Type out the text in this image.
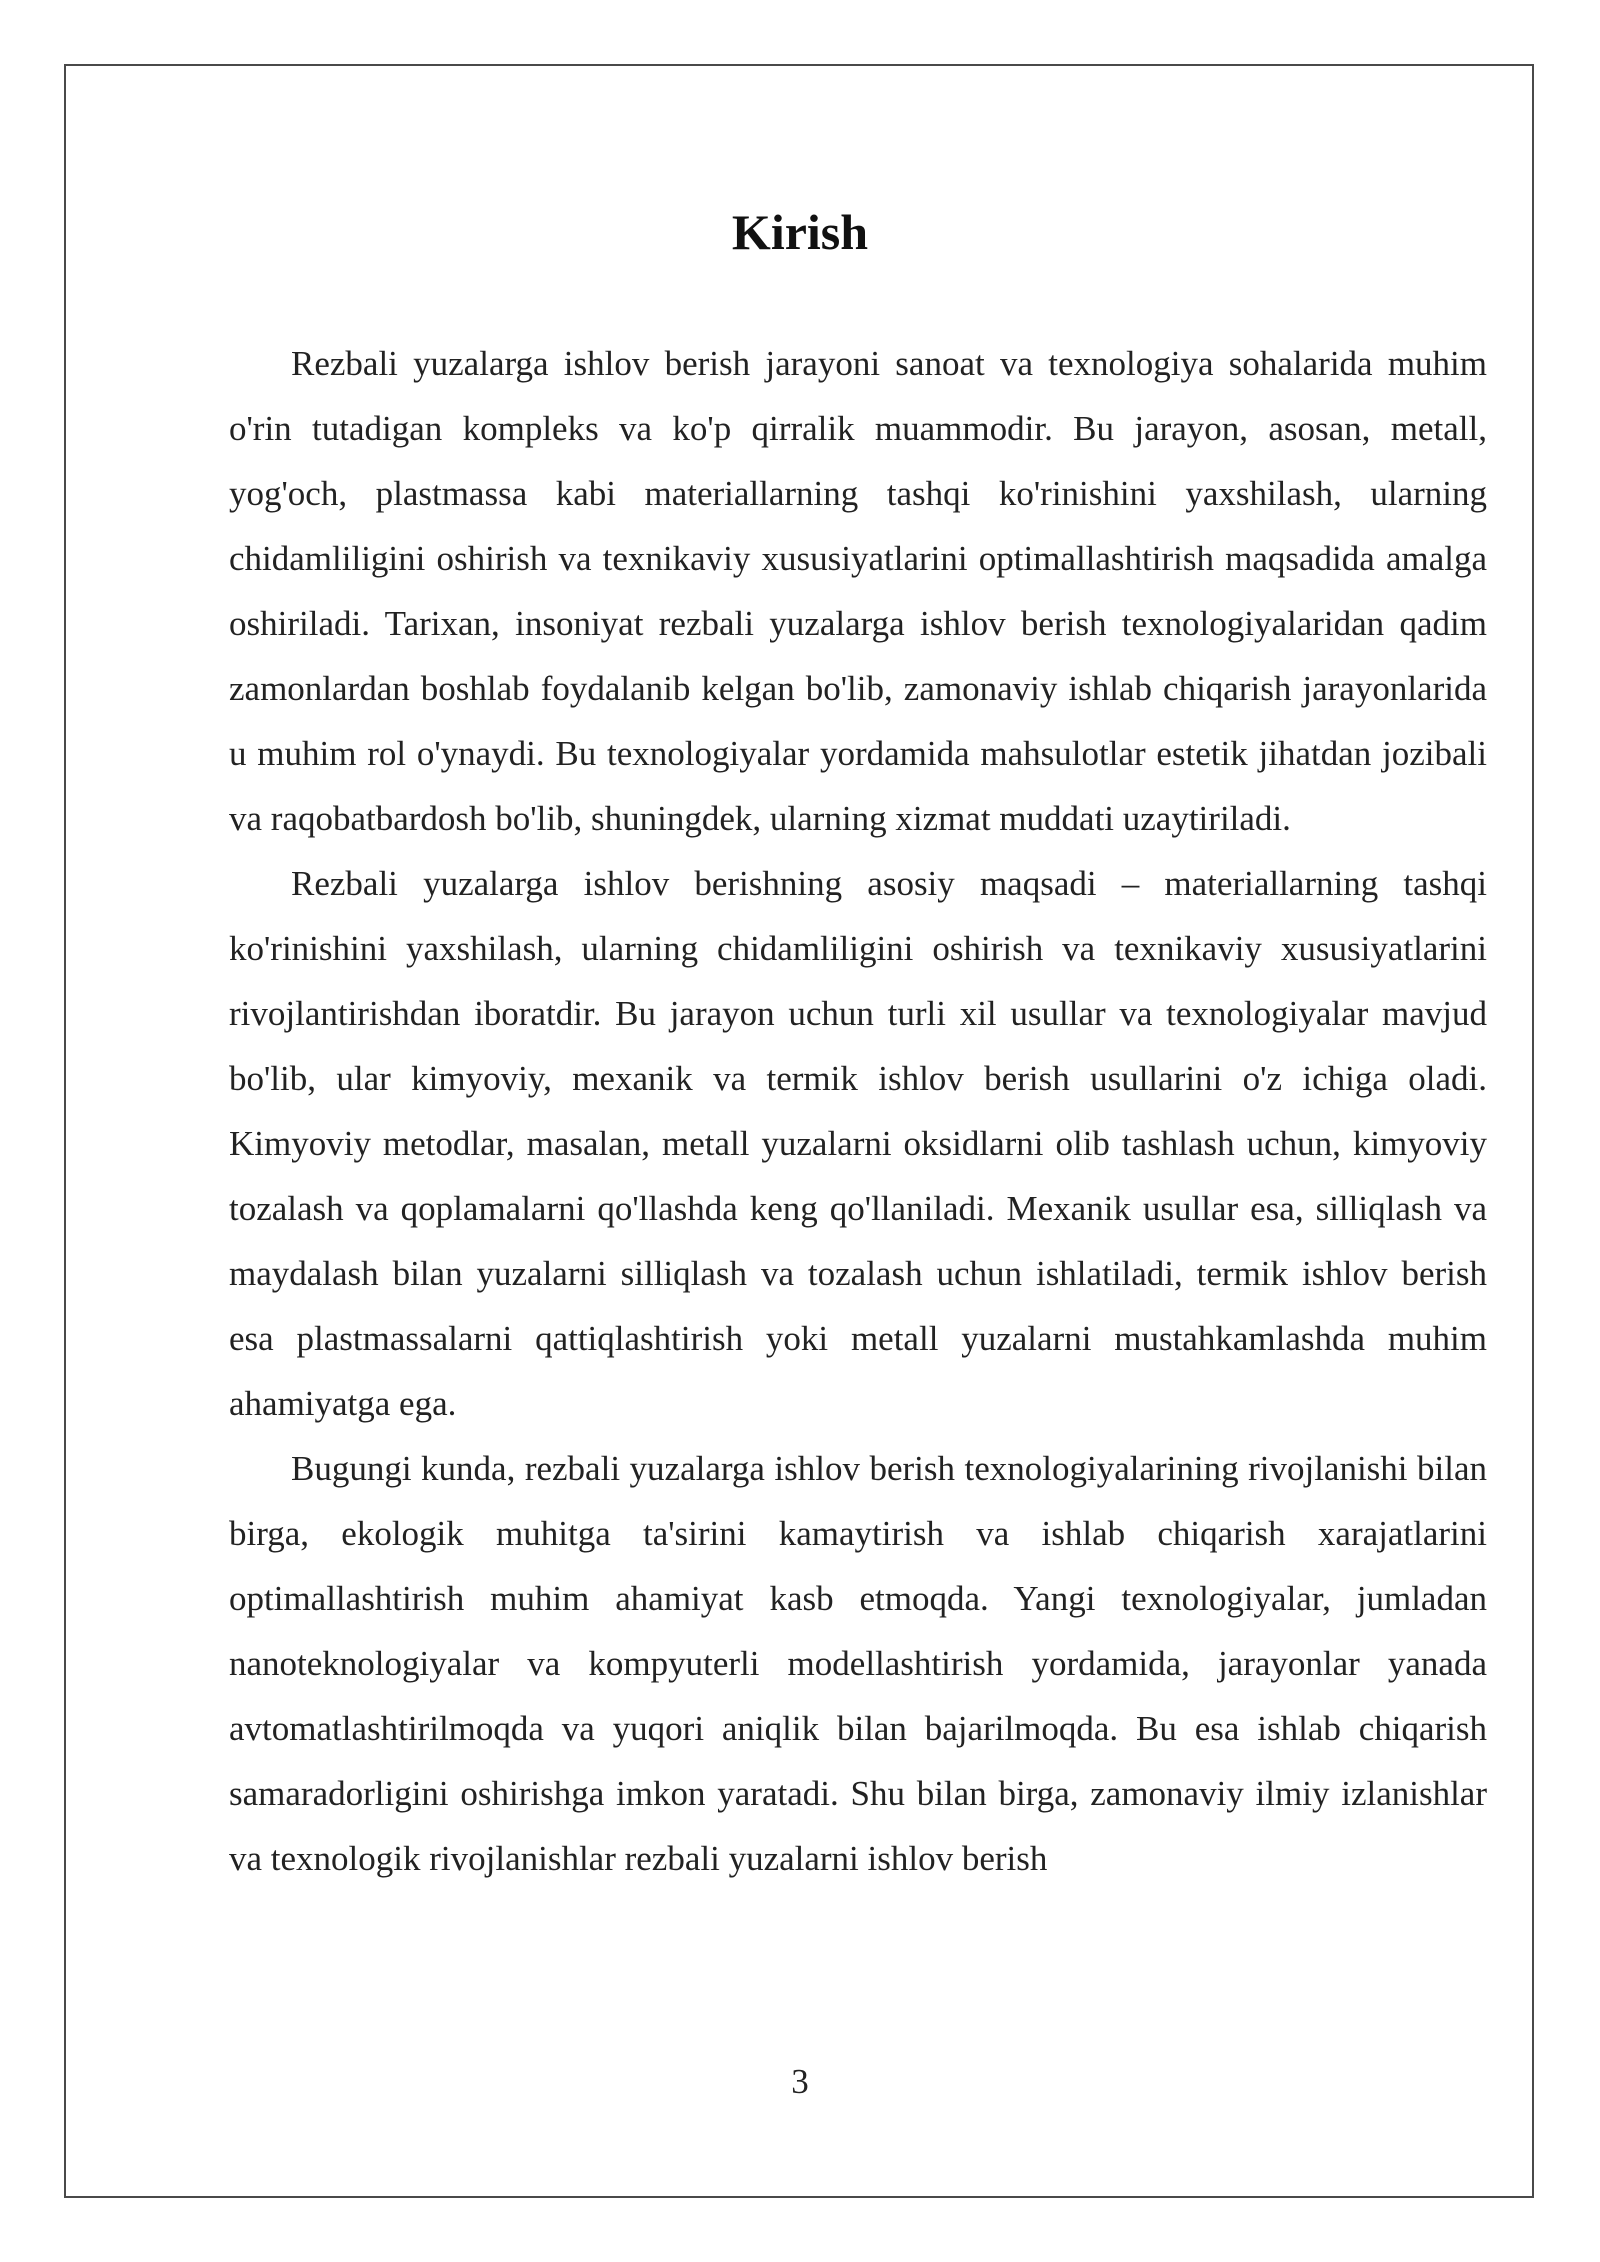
Kirish

Rezbali yuzalarga ishlov berish jarayoni sanoat va texnologiya sohalarida muhim o'rin tutadigan kompleks va ko'p qirralik muammodir. Bu jarayon, asosan, metall, yog'och, plastmassa kabi materiallarning tashqi ko'rinishini yaxshilash, ularning chidamliligini oshirish va texnikaviy xususiyatlarini optimallashtirish maqsadida amalga oshiriladi. Tarixan, insoniyat rezbali yuzalarga ishlov berish texnologiyalaridan qadim zamonlardan boshlab foydalanib kelgan bo'lib, zamonaviy ishlab chiqarish jarayonlarida u muhim rol o'ynaydi. Bu texnologiyalar yordamida mahsulotlar estetik jihatdan jozibali va raqobatbardosh bo'lib, shuningdek, ularning xizmat muddati uzaytiriladi.

Rezbali yuzalarga ishlov berishning asosiy maqsadi – materiallarning tashqi ko'rinishini yaxshilash, ularning chidamliligini oshirish va texnikaviy xususiyatlarini rivojlantirishdan iboratdir. Bu jarayon uchun turli xil usullar va texnologiyalar mavjud bo'lib, ular kimyoviy, mexanik va termik ishlov berish usullarini o'z ichiga oladi. Kimyoviy metodlar, masalan, metall yuzalarni oksidlarni olib tashlash uchun, kimyoviy tozalash va qoplamalarni qo'llashda keng qo'llaniladi. Mexanik usullar esa, silliqlash va maydalash bilan yuzalarni silliqlash va tozalash uchun ishlatiladi, termik ishlov berish esa plastmassalarni qattiqlashtirish yoki metall yuzalarni mustahkamlashda muhim ahamiyatga ega.

Bugungi kunda, rezbali yuzalarga ishlov berish texnologiyalarining rivojlanishi bilan birga, ekologik muhitga ta'sirini kamaytirish va ishlab chiqarish xarajatlarini optimallashtirish muhim ahamiyat kasb etmoqda. Yangi texnologiyalar, jumladan nanoteknologiyalar va kompyuterli modellashtirish yordamida, jarayonlar yanada avtomatlashtirilmoqda va yuqori aniqlik bilan bajarilmoqda. Bu esa ishlab chiqarish samaradorligini oshirishga imkon yaratadi. Shu bilan birga, zamonaviy ilmiy izlanishlar va texnologik rivojlanishlar rezbali yuzalarni ishlov berish

3
